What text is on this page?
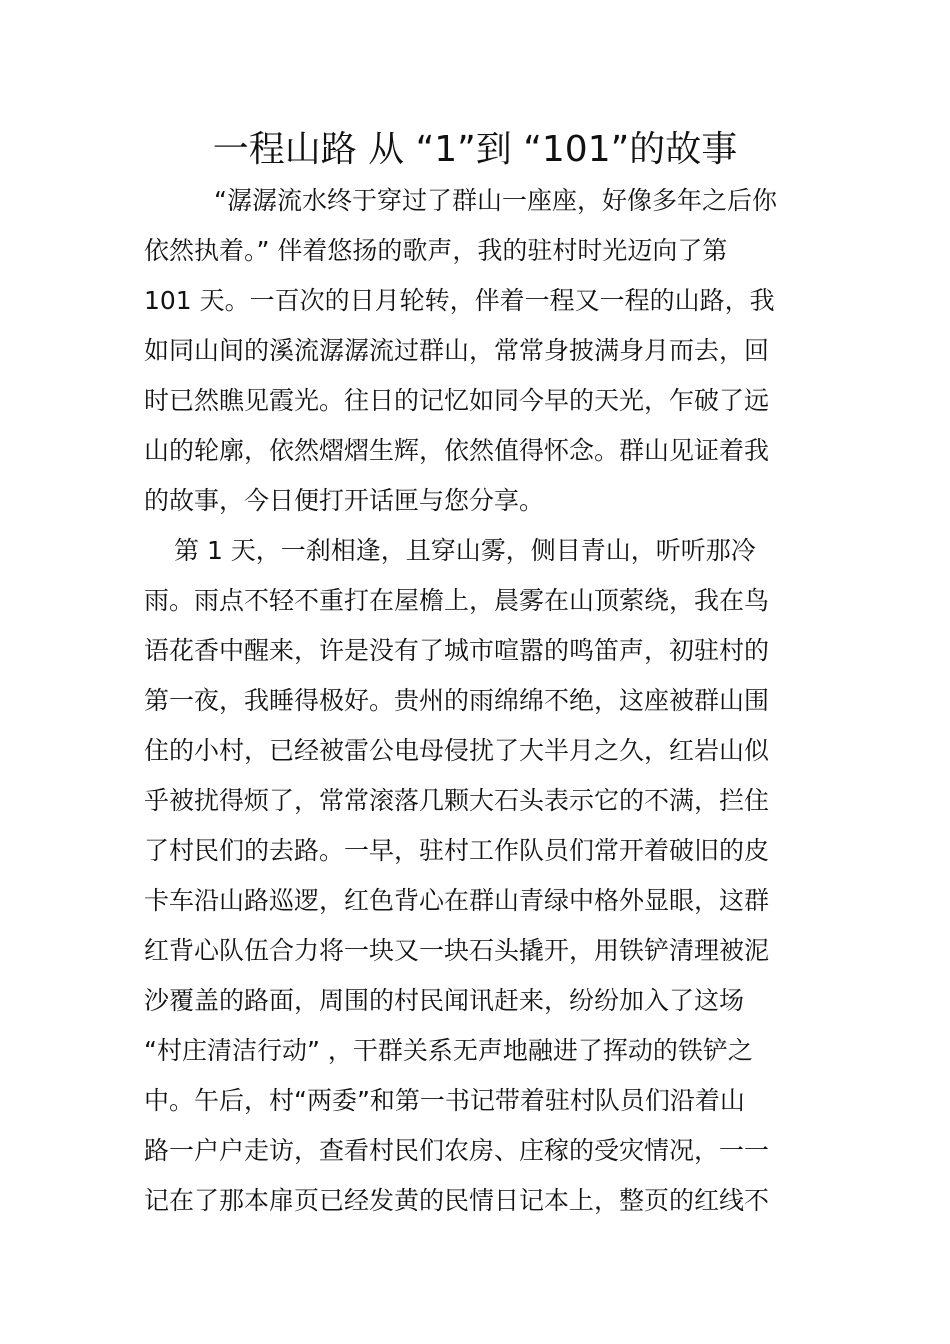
一程山路 从 “1”到 “101”的故事
“潺潺流水终于穿过了群山一座座，好像多年之后你
依然执着。” 伴着悠扬的歌声，我的驻村时光迈向了第
101 天。一百次的日月轮转，伴着一程又一程的山路，我
如同山间的溪流潺潺流过群山，常常身披满身月而去，回
时已然瞧见霞光。往日的记忆如同今早的天光，乍破了远
山的轮廓，依然熠熠生辉，依然值得怀念。群山见证着我
的故事，今日便打开话匣与您分享。
第 1 天，一刹相逢，且穿山雾，侧目青山，听听那冷
雨。雨点不轻不重打在屋檐上，晨雾在山顶萦绕，我在鸟
语花香中醒来，许是没有了城市喧嚣的鸣笛声，初驻村的
第一夜，我睡得极好。贵州的雨绵绵不绝，这座被群山围
住的小村，已经被雷公电母侵扰了大半月之久，红岩山似
乎被扰得烦了，常常滚落几颗大石头表示它的不满，拦住
了村民们的去路。一早，驻村工作队员们常开着破旧的皮
卡车沿山路巡逻，红色背心在群山青绿中格外显眼，这群
红背心队伍合力将一块又一块石头撬开，用铁铲清理被泥
沙覆盖的路面，周围的村民闻讯赶来，纷纷加入了这场
“村庄清洁行动” ，干群关系无声地融进了挥动的铁铲之
中。午后，村“两委”和第一书记带着驻村队员们沿着山
路一户户走访，查看村民们农房、庄稼的受灾情况，一一
记在了那本扉页已经发黄的民情日记本上，整页的红线不
